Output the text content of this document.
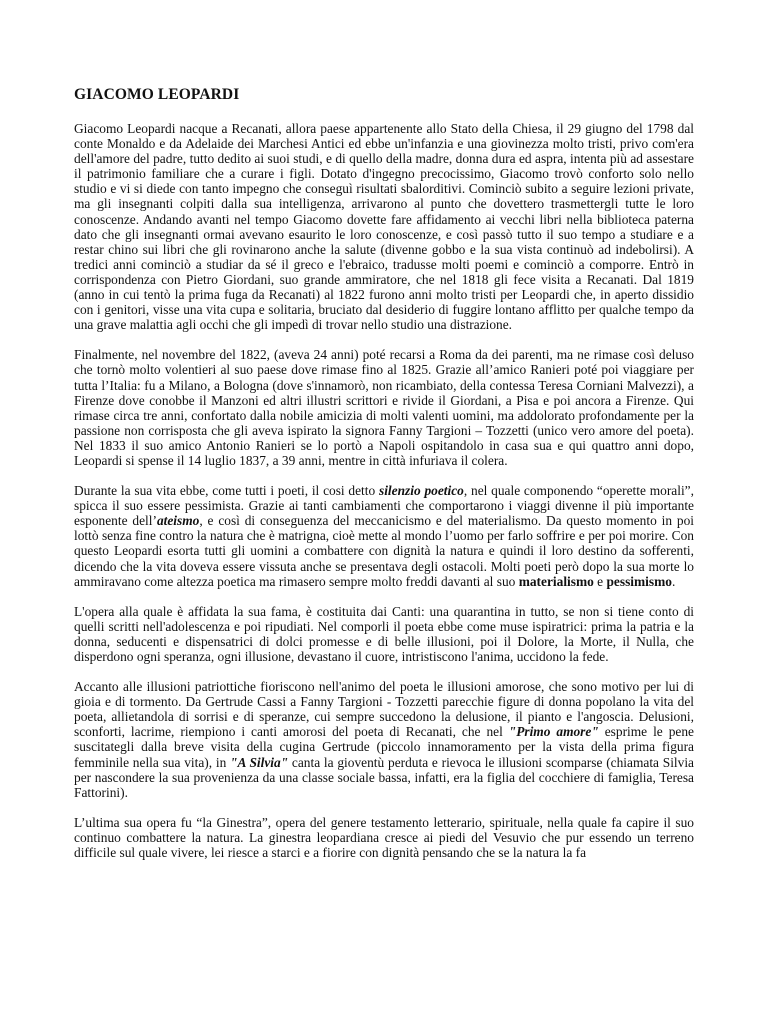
GIACOMO LEOPARDI

Giacomo Leopardi nacque a Recanati, allora paese appartenente allo Stato della Chiesa, il 29 giugno del 1798 dal conte Monaldo e da Adelaide dei Marchesi Antici ed ebbe un'infanzia e una giovinezza molto tristi, privo com'era dell'amore del padre, tutto dedito ai suoi studi, e di quello della madre, donna dura ed aspra, intenta più ad assestare il patrimonio familiare che a curare i figli. Dotato d'ingegno precocissimo, Giacomo trovò conforto solo nello studio e vi si diede con tanto impegno che conseguì risultati sbalorditivi. Cominciò subito a seguire lezioni private, ma gli insegnanti colpiti dalla sua intelligenza, arrivarono al punto che dovettero trasmettergli tutte le loro conoscenze. Andando avanti nel tempo Giacomo dovette fare affidamento ai vecchi libri nella biblioteca paterna dato che gli insegnanti ormai avevano esaurito le loro conoscenze, e così passò tutto il suo tempo a studiare e a restar chino sui libri che gli rovinarono anche la salute (divenne gobbo e la sua vista continuò ad indebolirsi). A tredici anni cominciò a studiar da sé il greco e l'ebraico, tradusse molti poemi e cominciò a comporre. Entrò in corrispondenza con Pietro Giordani, suo grande ammiratore, che nel 1818 gli fece visita a Recanati. Dal 1819 (anno in cui tentò la prima fuga da Recanati) al 1822 furono anni molto tristi per Leopardi che, in aperto dissidio con i genitori, visse una vita cupa e solitaria, bruciato dal desiderio di fuggire lontano afflitto per qualche tempo da una grave malattia agli occhi che gli impedì di trovar nello studio una distrazione.

Finalmente, nel novembre del 1822, (aveva 24 anni) poté recarsi a Roma da dei parenti, ma ne rimase così deluso che tornò molto volentieri al suo paese dove rimase fino al 1825. Grazie all’amico Ranieri poté poi viaggiare per tutta l’Italia: fu a Milano, a Bologna (dove s'innamorò, non ricambiato, della contessa Teresa Corniani Malvezzi), a Firenze dove conobbe il Manzoni ed altri illustri scrittori e rivide il Giordani, a Pisa e poi ancora a Firenze. Qui rimase circa tre anni, confortato dalla nobile amicizia di molti valenti uomini, ma addolorato profondamente per la passione non corrisposta che gli aveva ispirato la signora Fanny Targioni – Tozzetti (unico vero amore del poeta). Nel 1833 il suo amico Antonio Ranieri se lo portò a Napoli ospitandolo in casa sua e qui quattro anni dopo, Leopardi si spense il 14 luglio 1837, a 39 anni, mentre in città infuriava il colera.

Durante la sua vita ebbe, come tutti i poeti, il cosi detto silenzio poetico, nel quale componendo “operette morali”, spicca il suo essere pessimista. Grazie ai tanti cambiamenti che comportarono i viaggi divenne il più importante esponente dell’ateismo, e così di conseguenza del meccanicismo e del materialismo. Da questo momento in poi lottò senza fine contro la natura che è matrigna, cioè mette al mondo l’uomo per farlo soffrire e per poi morire. Con questo Leopardi esorta tutti gli uomini a combattere con dignità la natura e quindi il loro destino da sofferenti, dicendo che la vita doveva essere vissuta anche se presentava degli ostacoli. Molti poeti però dopo la sua morte lo ammiravano come altezza poetica ma rimasero sempre molto freddi davanti al suo materialismo e pessimismo.

L'opera alla quale è affidata la sua fama, è costituita dai Canti: una quarantina in tutto, se non si tiene conto di quelli scritti nell'adolescenza e poi ripudiati. Nel comporli il poeta ebbe come muse ispiratrici: prima la patria e la donna, seducenti e dispensatrici di dolci promesse e di belle illusioni, poi il Dolore, la Morte, il Nulla, che disperdono ogni speranza, ogni illusione, devastano il cuore, intristiscono l'anima, uccidono la fede.

Accanto alle illusioni patriottiche fioriscono nell'animo del poeta le illusioni amorose, che sono motivo per lui di gioia e di tormento. Da Gertrude Cassi a Fanny Targioni - Tozzetti parecchie figure di donna popolano la vita del poeta, allietandola di sorrisi e di speranze, cui sempre succedono la delusione, il pianto e l'angoscia. Delusioni, sconforti, lacrime, riempiono i canti amorosi del poeta di Recanati, che nel "Primo amore" esprime le pene suscitategli dalla breve visita della cugina Gertrude (piccolo innamoramento per la vista della prima figura femminile nella sua vita), in "A Silvia" canta la gioventù perduta e rievoca le illusioni scomparse (chiamata Silvia per nascondere la sua provenienza da una classe sociale bassa, infatti, era la figlia del cocchiere di famiglia, Teresa Fattorini).

L’ultima sua opera fu “la Ginestra”, opera del genere testamento letterario, spirituale, nella quale fa capire il suo continuo combattere la natura. La ginestra leopardiana cresce ai piedi del Vesuvio che pur essendo un terreno difficile sul quale vivere, lei riesce a starci e a fiorire con dignità pensando che se la natura la fa
